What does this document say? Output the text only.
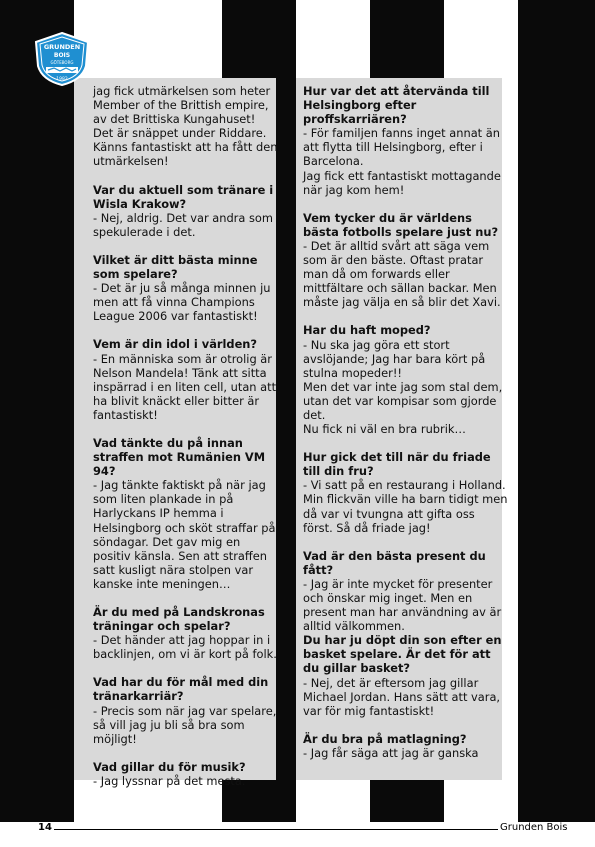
GRUNDEN
BOIS
GÖTEBORG
1982
jag fick utmärkelsen som heter Member of the Brittish empire, av det Brittiska Kungahuset! Det är snäppet under Riddare. Känns fantastiskt att ha fått den utmärkelsen!
Var du aktuell som tränare i Wisla Krakow?
- Nej, aldrig. Det var andra som spekulerade i det.
Vilket är ditt bästa minne som spelare?
- Det är ju så många minnen ju men att få vinna Champions League 2006 var fantastiskt!
Vem är din idol i världen?
- En människa som är otrolig är Nelson Mandela! Tänk att sitta inspärrad i en liten cell, utan att ha blivit knäckt eller bitter är fantastiskt!
Vad tänkte du på innan straffen mot Rumänien VM 94?
- Jag tänkte faktiskt på när jag som liten plankade in på Harlyckans IP hemma i Helsingborg och sköt straffar på söndagar. Det gav mig en positiv känsla. Sen att straffen satt kusligt nära stolpen var kanske inte meningen…
Är du med på Landskronas träningar och spelar?
- Det händer att jag hoppar in i backlinjen, om vi är kort på folk.
Vad har du för mål med din tränarkarriär?
- Precis som när jag var spelare, så vill jag ju bli så bra som möjligt!
Vad gillar du för musik?
- Jag lyssnar på det mesta.
Hur var det att återvända till Helsingborg efter proffskarriären?
- För familjen fanns inget annat än att flytta till Helsingborg, efter i Barcelona.
Jag fick ett fantastiskt mottagande när jag kom hem!
Vem tycker du är världens bästa fotbolls spelare just nu?
- Det är alltid svårt att säga vem som är den bäste. Oftast pratar man då om forwards eller mittfältare och sällan backar. Men måste jag välja en så blir det Xavi.
Har du haft moped?
- Nu ska jag göra ett stort avslöjande; Jag har bara kört på stulna mopeder!!
Men det var inte jag som stal dem, utan det var kompisar som gjorde det.
Nu fick ni väl en bra rubrik…
Hur gick det till när du friade till din fru?
- Vi satt på en restaurang i Holland. Min flickvän ville ha barn tidigt men då var vi tvungna att gifta oss först. Så då friade jag!
Vad är den bästa present du fått?
- Jag är inte mycket för presenter och önskar mig inget. Men en present man har användning av är alltid välkommen.
Du har ju döpt din son efter en basket spelare. Är det för att du gillar basket?
- Nej, det är eftersom jag gillar Michael Jordan. Hans sätt att vara, var för mig fantastiskt!
Är du bra på matlagning?
- Jag får säga att jag är ganska
14	Grunden Bois
